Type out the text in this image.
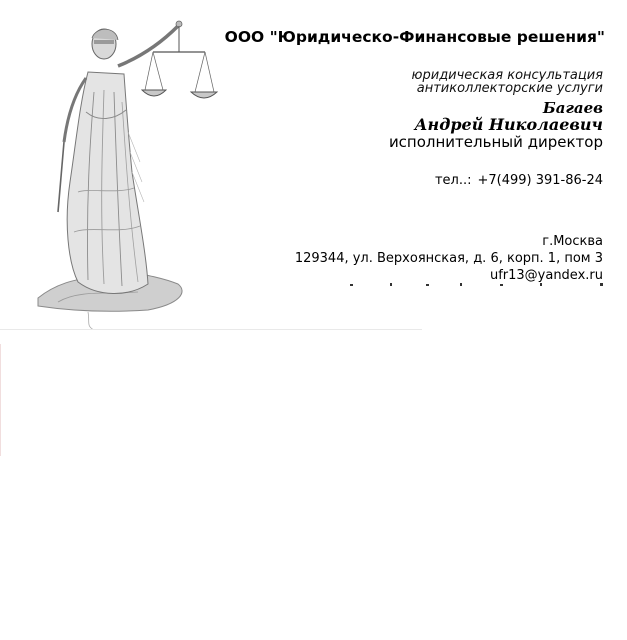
ООО "Юридическо-Финансовые решения"
юридическая консультация
антиколлекторские услуги
Багаев
Андрей Николаевич
исполнительный директор
тел..: +7(499) 391-86-24
г.Москва
129344, ул. Верхоянская, д. 6, корп. 1, пом 3
ufr13@yandex.ru
